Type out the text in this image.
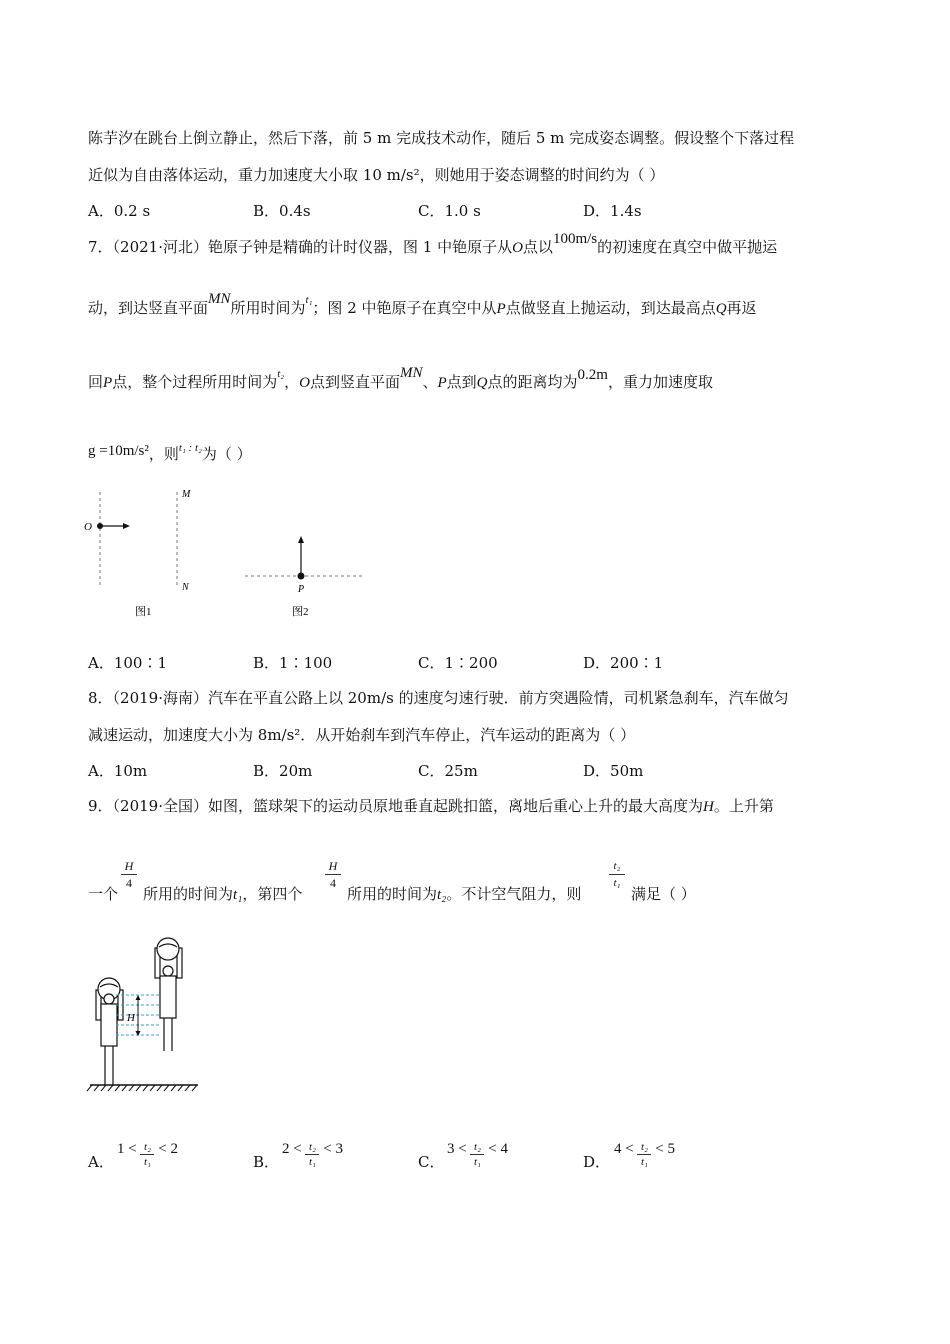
陈芋汐在跳台上倒立静止，然后下落，前 5 m 完成技术动作，随后 5 m 完成姿态调整。假设整个下落过程
近似为自由落体运动，重力加速度大小取 10 m/s²，则她用于姿态调整的时间约为（ ）
A．0.2 s	B．0.4s	C．1.0 s	D．1.4s
7．（2021·河北）铯原子钟是精确的计时仪器，图 1 中铯原子从O点以100m/s的初速度在真空中做平抛运
动，到达竖直平面MN所用时间为$^{t_1}$；图 2 中铯原子在真空中从P点做竖直上抛运动，到达最高点Q再返
回P点，整个过程所用时间为$^{t_2}$，O点到竖直平面MN、P点到Q点的距离均为0.2m，重力加速度取
g =10m/s²，则$^{t_1 : t_2}$为（ ）
O
M
N
图1
P
图2
A．100∶1	B．1∶100	C．1∶200	D．200∶1
8．（2019·海南）汽车在平直公路上以 20m/s 的速度匀速行驶．前方突遇险情，司机紧急刹车，汽车做匀
减速运动，加速度大小为 8m/s²．从开始刹车到汽车停止，汽车运动的距离为（ ）
A．10m	B．20m	C．25m	D．50m
9．（2019·全国）如图，篮球架下的运动员原地垂直起跳扣篮，离地后重心上升的最大高度为H。上升第
一个
H
4
所用的时间为t₁，第四个
H
4
所用的时间为t₂。不计空气阻力，则
t₂
t₁
满足（ ）
H
A．
$1 < \frac{\text{t₂}}{\text{t₁}} < 2$
B．
$2 < \frac{\text{t₂}}{\text{t₁}} < 3$
C．
$3 < \frac{\text{t₂}}{\text{t₁}} < 4$
D．
$4 < \frac{\text{t₂}}{\text{t₁}} < 5$
